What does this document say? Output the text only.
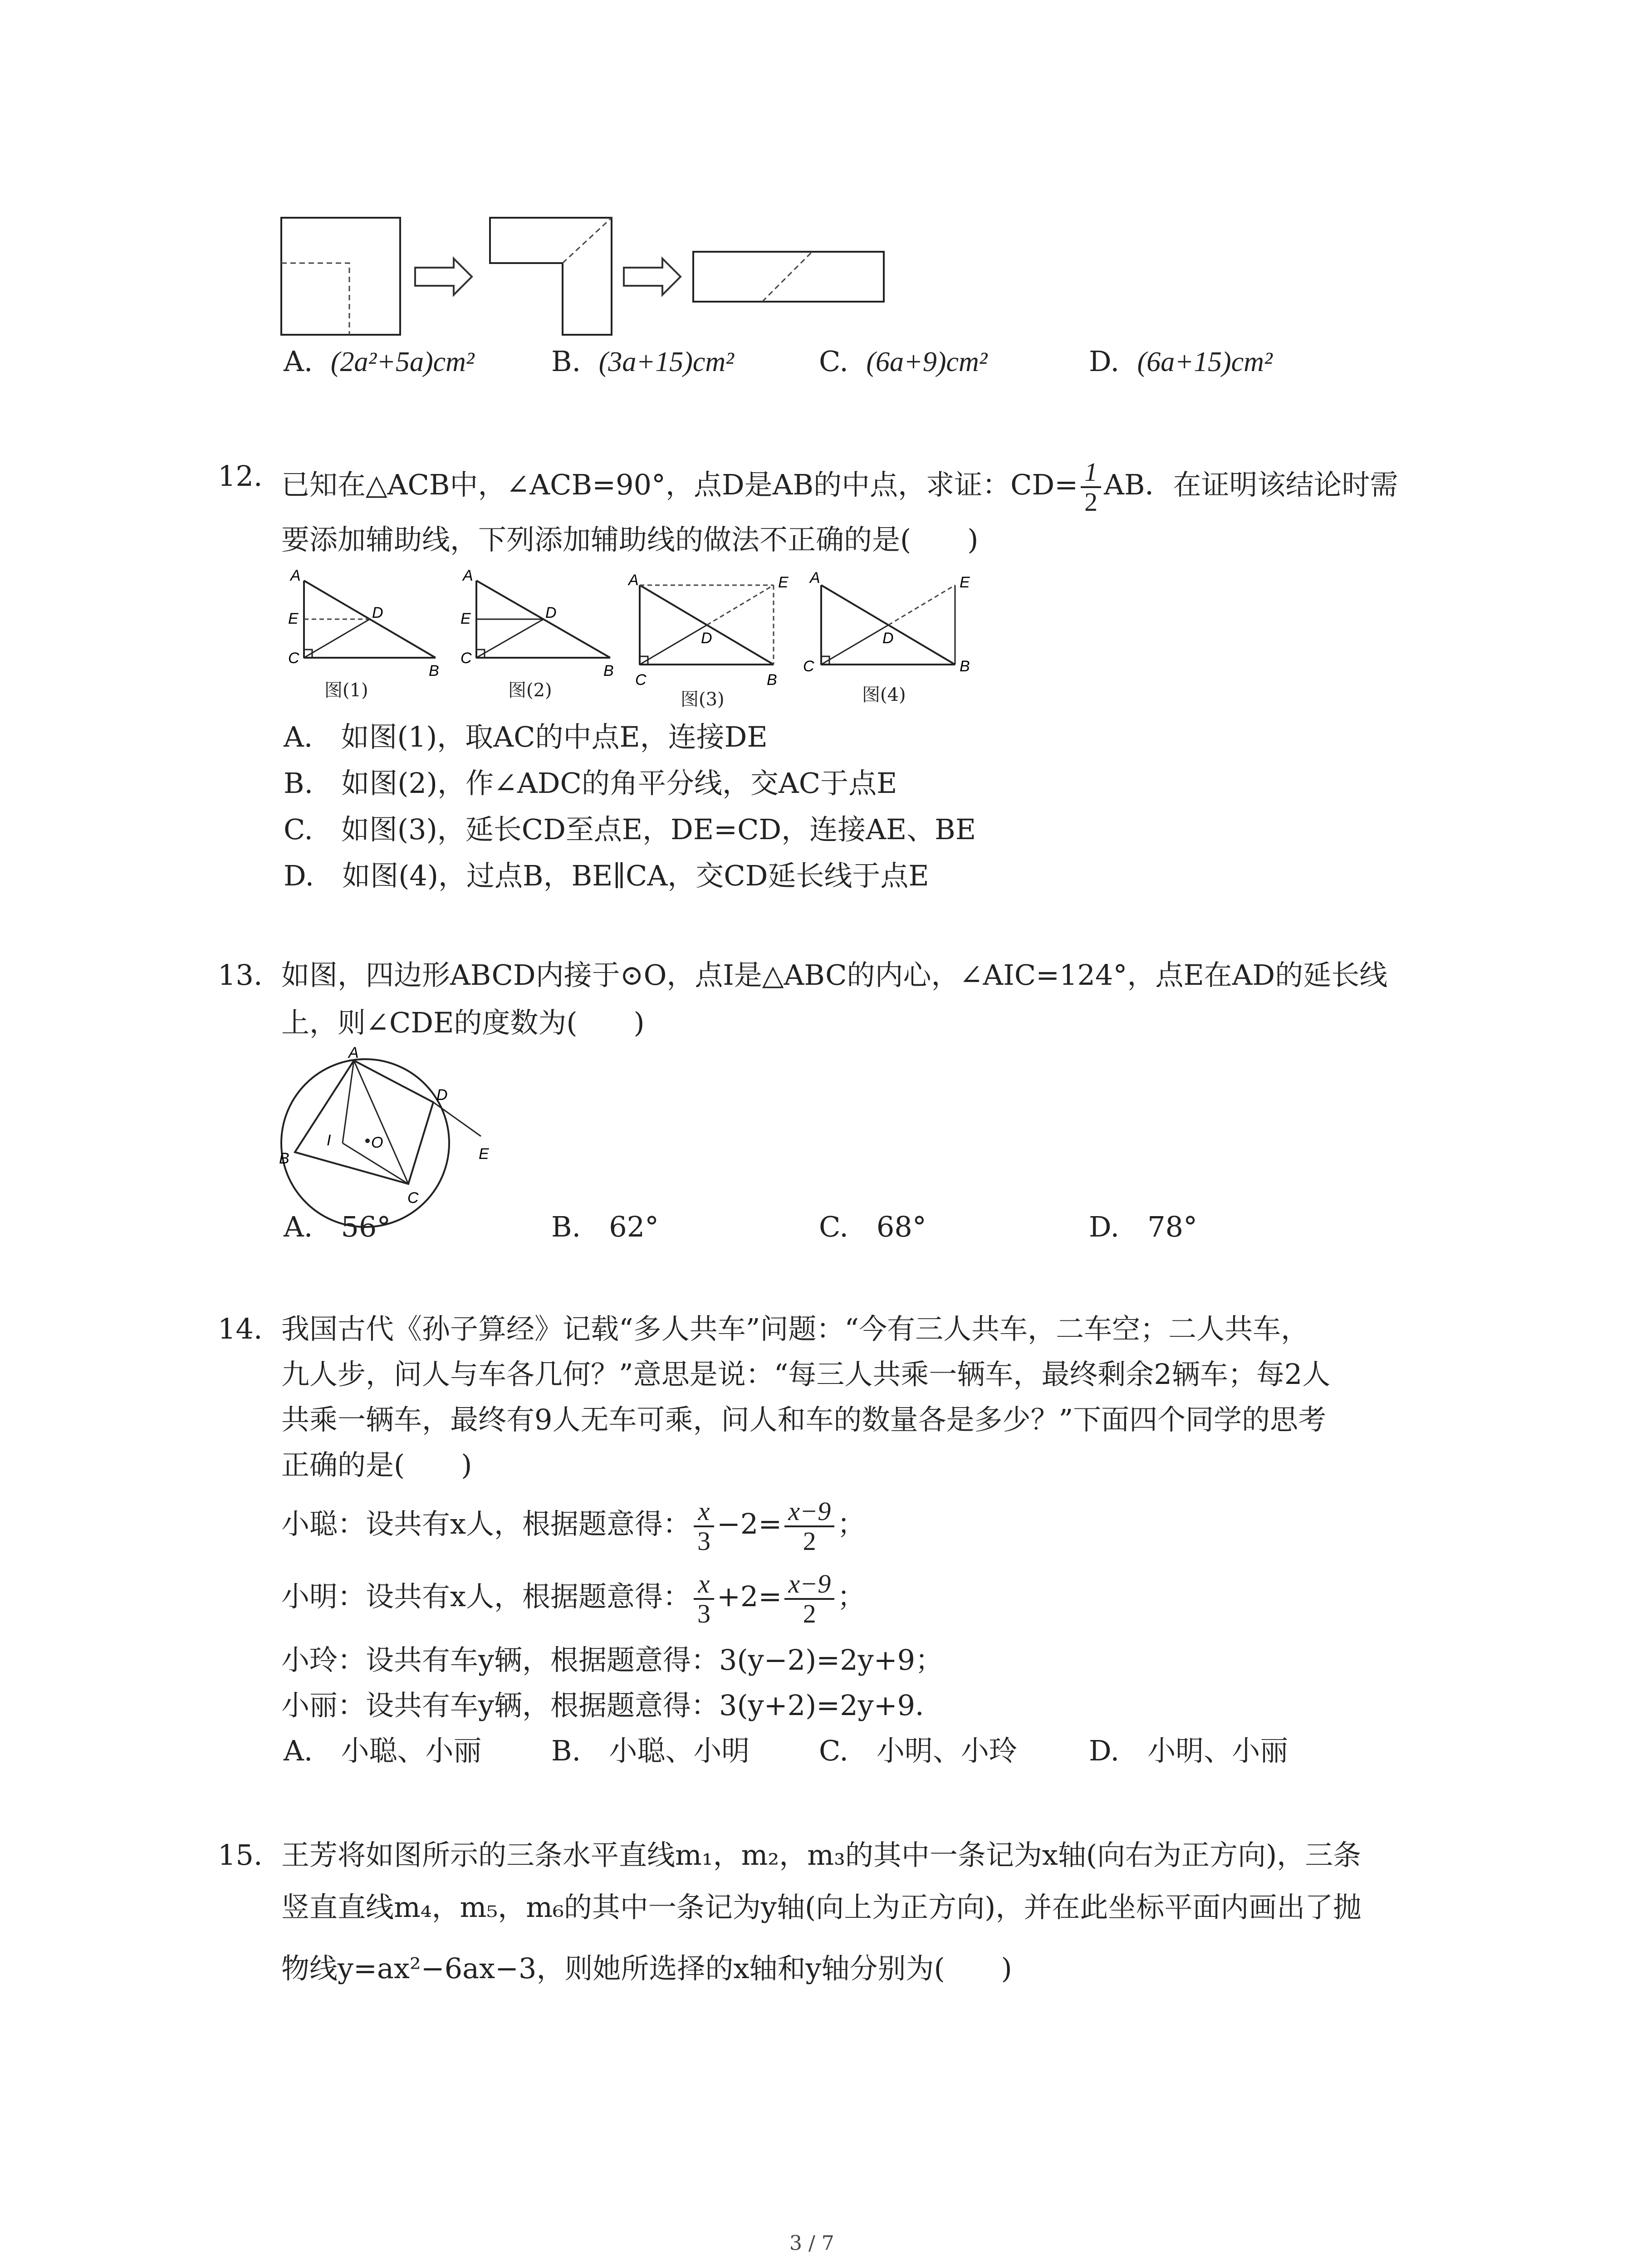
A. (2a²+5a)cm²	B. (3a+15)cm²	C. (6a+9)cm²	D. (6a+15)cm²
12. 已知在△ACB中，∠ACB=90°，点D是AB的中点，求证：$CD= \frac{1}{2}$ AB．在证明该结论时需
要添加辅助线，下列添加辅助线的做法不正确的是(　　)
A
E
C
D
B
A
E
C
D
B
A	E
C
D
B
A	E
C
D
B
图(1)	图(2)	图(3)	图(4)
A.　如图(1)，取AC的中点E，连接DE
B.　如图(2)，作∠ADC的角平分线，交AC于点E
C.　如图(3)，延长CD至点E，DE=CD，连接AE、BE
D.　如图(4)，过点B，BE∥CA，交CD延长线于点E
13. 如图，四边形ABCD内接于⊙O，点I是△ABC的内心，∠AIC=124°，点E在AD的延长线
上，则∠CDE的度数为(　　)
A
B
C
D
E
I	O
A.　56°	B.　62°	C.　68°	D.　78°
14. 我国古代《孙子算经》记载“多人共车”问题：“今有三人共车，二车空；二人共车，
九人步，问人与车各几何？”意思是说：“每三人共乘一辆车，最终剩余2辆车；每2人
共乘一辆车，最终有9人无车可乘，问人和车的数量各是多少？”下面四个同学的思考
正确的是(　　)
小聪：设共有x人，根据题意得： $\frac{x}{3} -2= \frac{x-9}{2}$ ；
小明：设共有x人，根据题意得： $\frac{x}{3} +2= \frac{x-9}{2}$ ；
小玲：设共有车y辆，根据题意得：3(y−2)=2y+9；
小丽：设共有车y辆，根据题意得：3(y+2)=2y+9．
A.　小聪、小丽 B.　小聪、小明 C.　小明、小玲	D.　小明、小丽
15. 王芳将如图所示的三条水平直线m₁，m₂，m₃的其中一条记为x轴(向右为正方向)，三条
竖直直线m₄，m₅，m₆的其中一条记为y轴(向上为正方向)，并在此坐标平面内画出了抛
物线y=ax²−6ax−3，则她所选择的x轴和y轴分别为(　　)
3 / 7
